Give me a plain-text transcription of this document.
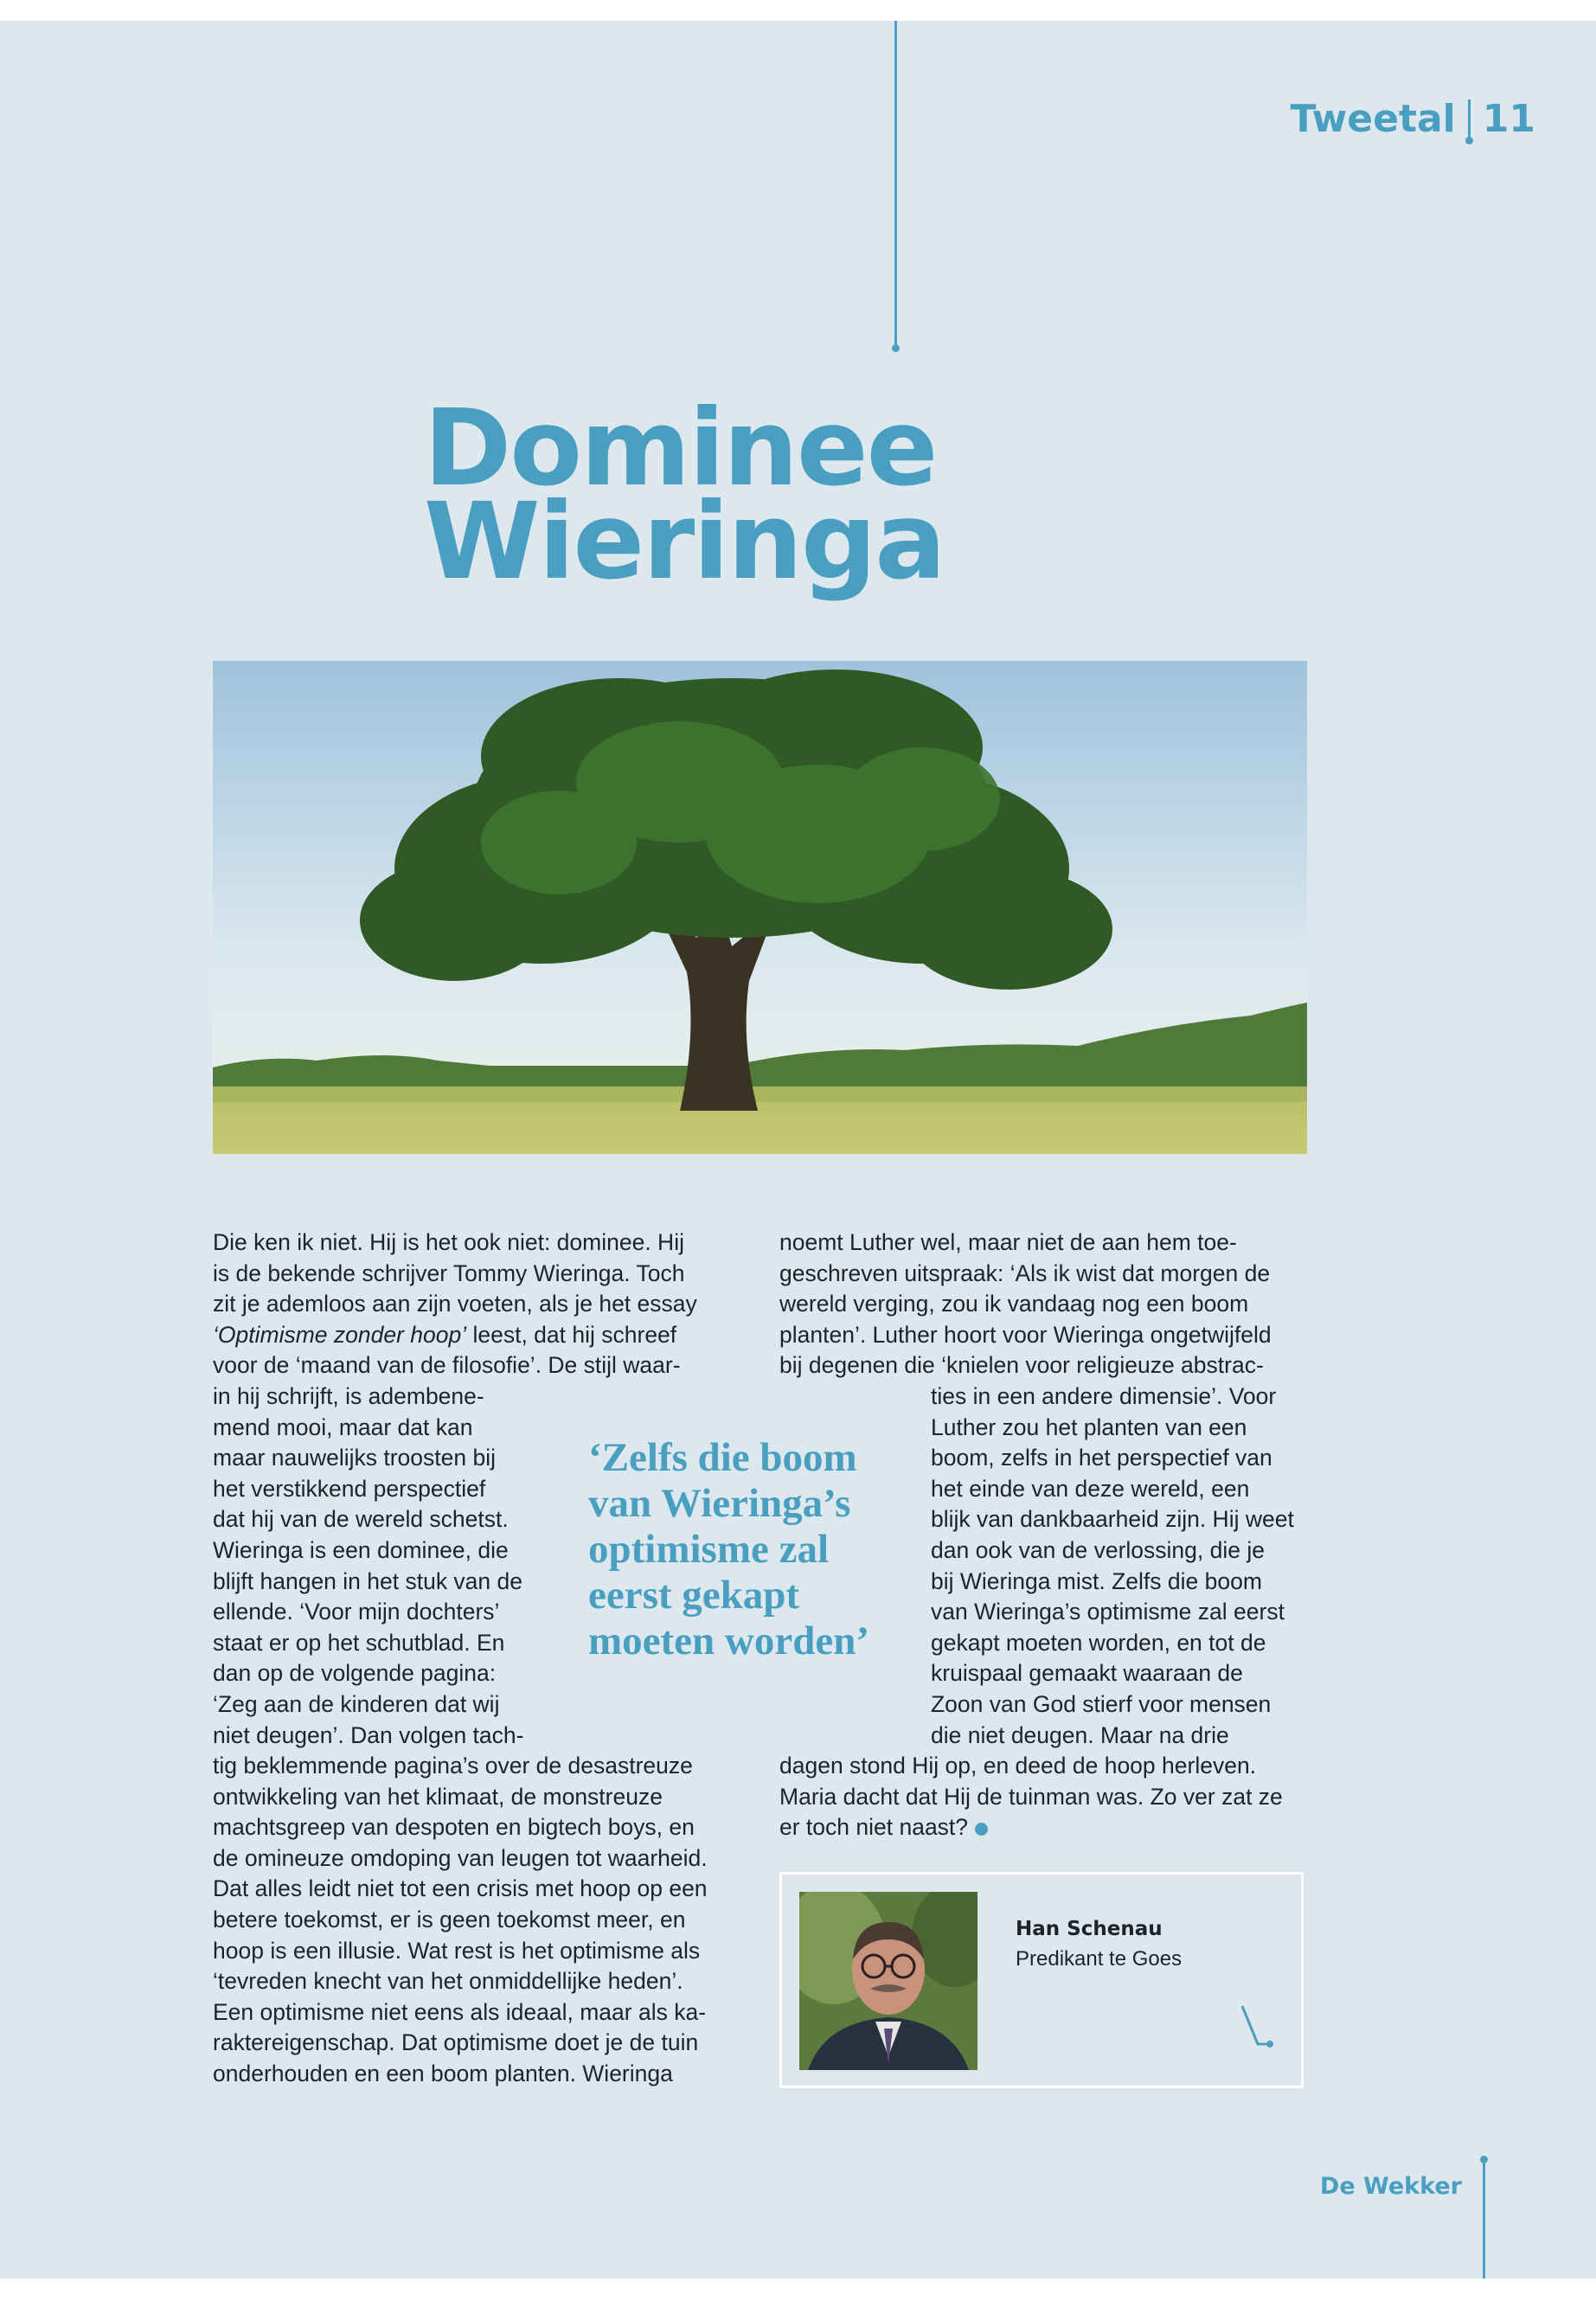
Tweetal 11
Dominee
Wieringa
Die ken ik niet. Hij is het ook niet: dominee. Hij
is de bekende schrijver Tommy Wieringa. Toch
zit je ademloos aan zijn voeten, als je het essay
‘Optimisme zonder hoop’ leest, dat hij schreef
voor de ‘maand van de filosofie’. De stijl waar-
in hij schrijft, is adembene-
mend mooi, maar dat kan
maar nauwelijks troosten bij
het verstikkend perspectief
dat hij van de wereld schetst.
Wieringa is een dominee, die
blijft hangen in het stuk van de
ellende. ‘Voor mijn dochters’
staat er op het schutblad. En
dan op de volgende pagina:
‘Zeg aan de kinderen dat wij
niet deugen’. Dan volgen tach-
tig beklemmende pagina’s over de desastreuze
ontwikkeling van het klimaat, de monstreuze
machtsgreep van despoten en bigtech boys, en
de omineuze omdoping van leugen tot waarheid.
Dat alles leidt niet tot een crisis met hoop op een
betere toekomst, er is geen toekomst meer, en
hoop is een illusie. Wat rest is het optimisme als
‘tevreden knecht van het onmiddellijke heden’.
Een optimisme niet eens als ideaal, maar als ka-
raktereigenschap. Dat optimisme doet je de tuin
onderhouden en een boom planten. Wieringa
‘Zelfs die boom
van Wieringa’s
optimisme zal
eerst gekapt
moeten worden’
noemt Luther wel, maar niet de aan hem toe-
geschreven uitspraak: ‘Als ik wist dat morgen de
wereld verging, zou ik vandaag nog een boom
planten’. Luther hoort voor Wieringa ongetwijfeld
bij degenen die ‘knielen voor religieuze abstrac-
ties in een andere dimensie’. Voor
Luther zou het planten van een
boom, zelfs in het perspectief van
het einde van deze wereld, een
blijk van dankbaarheid zijn. Hij weet
dan ook van de verlossing, die je
bij Wieringa mist. Zelfs die boom
van Wieringa’s optimisme zal eerst
gekapt moeten worden, en tot de
kruispaal gemaakt waaraan de
Zoon van God stierf voor mensen
die niet deugen. Maar na drie
dagen stond Hij op, en deed de hoop herleven.
Maria dacht dat Hij de tuinman was. Zo ver zat ze
er toch niet naast?
Han Schenau
Predikant te Goes
De Wekker
